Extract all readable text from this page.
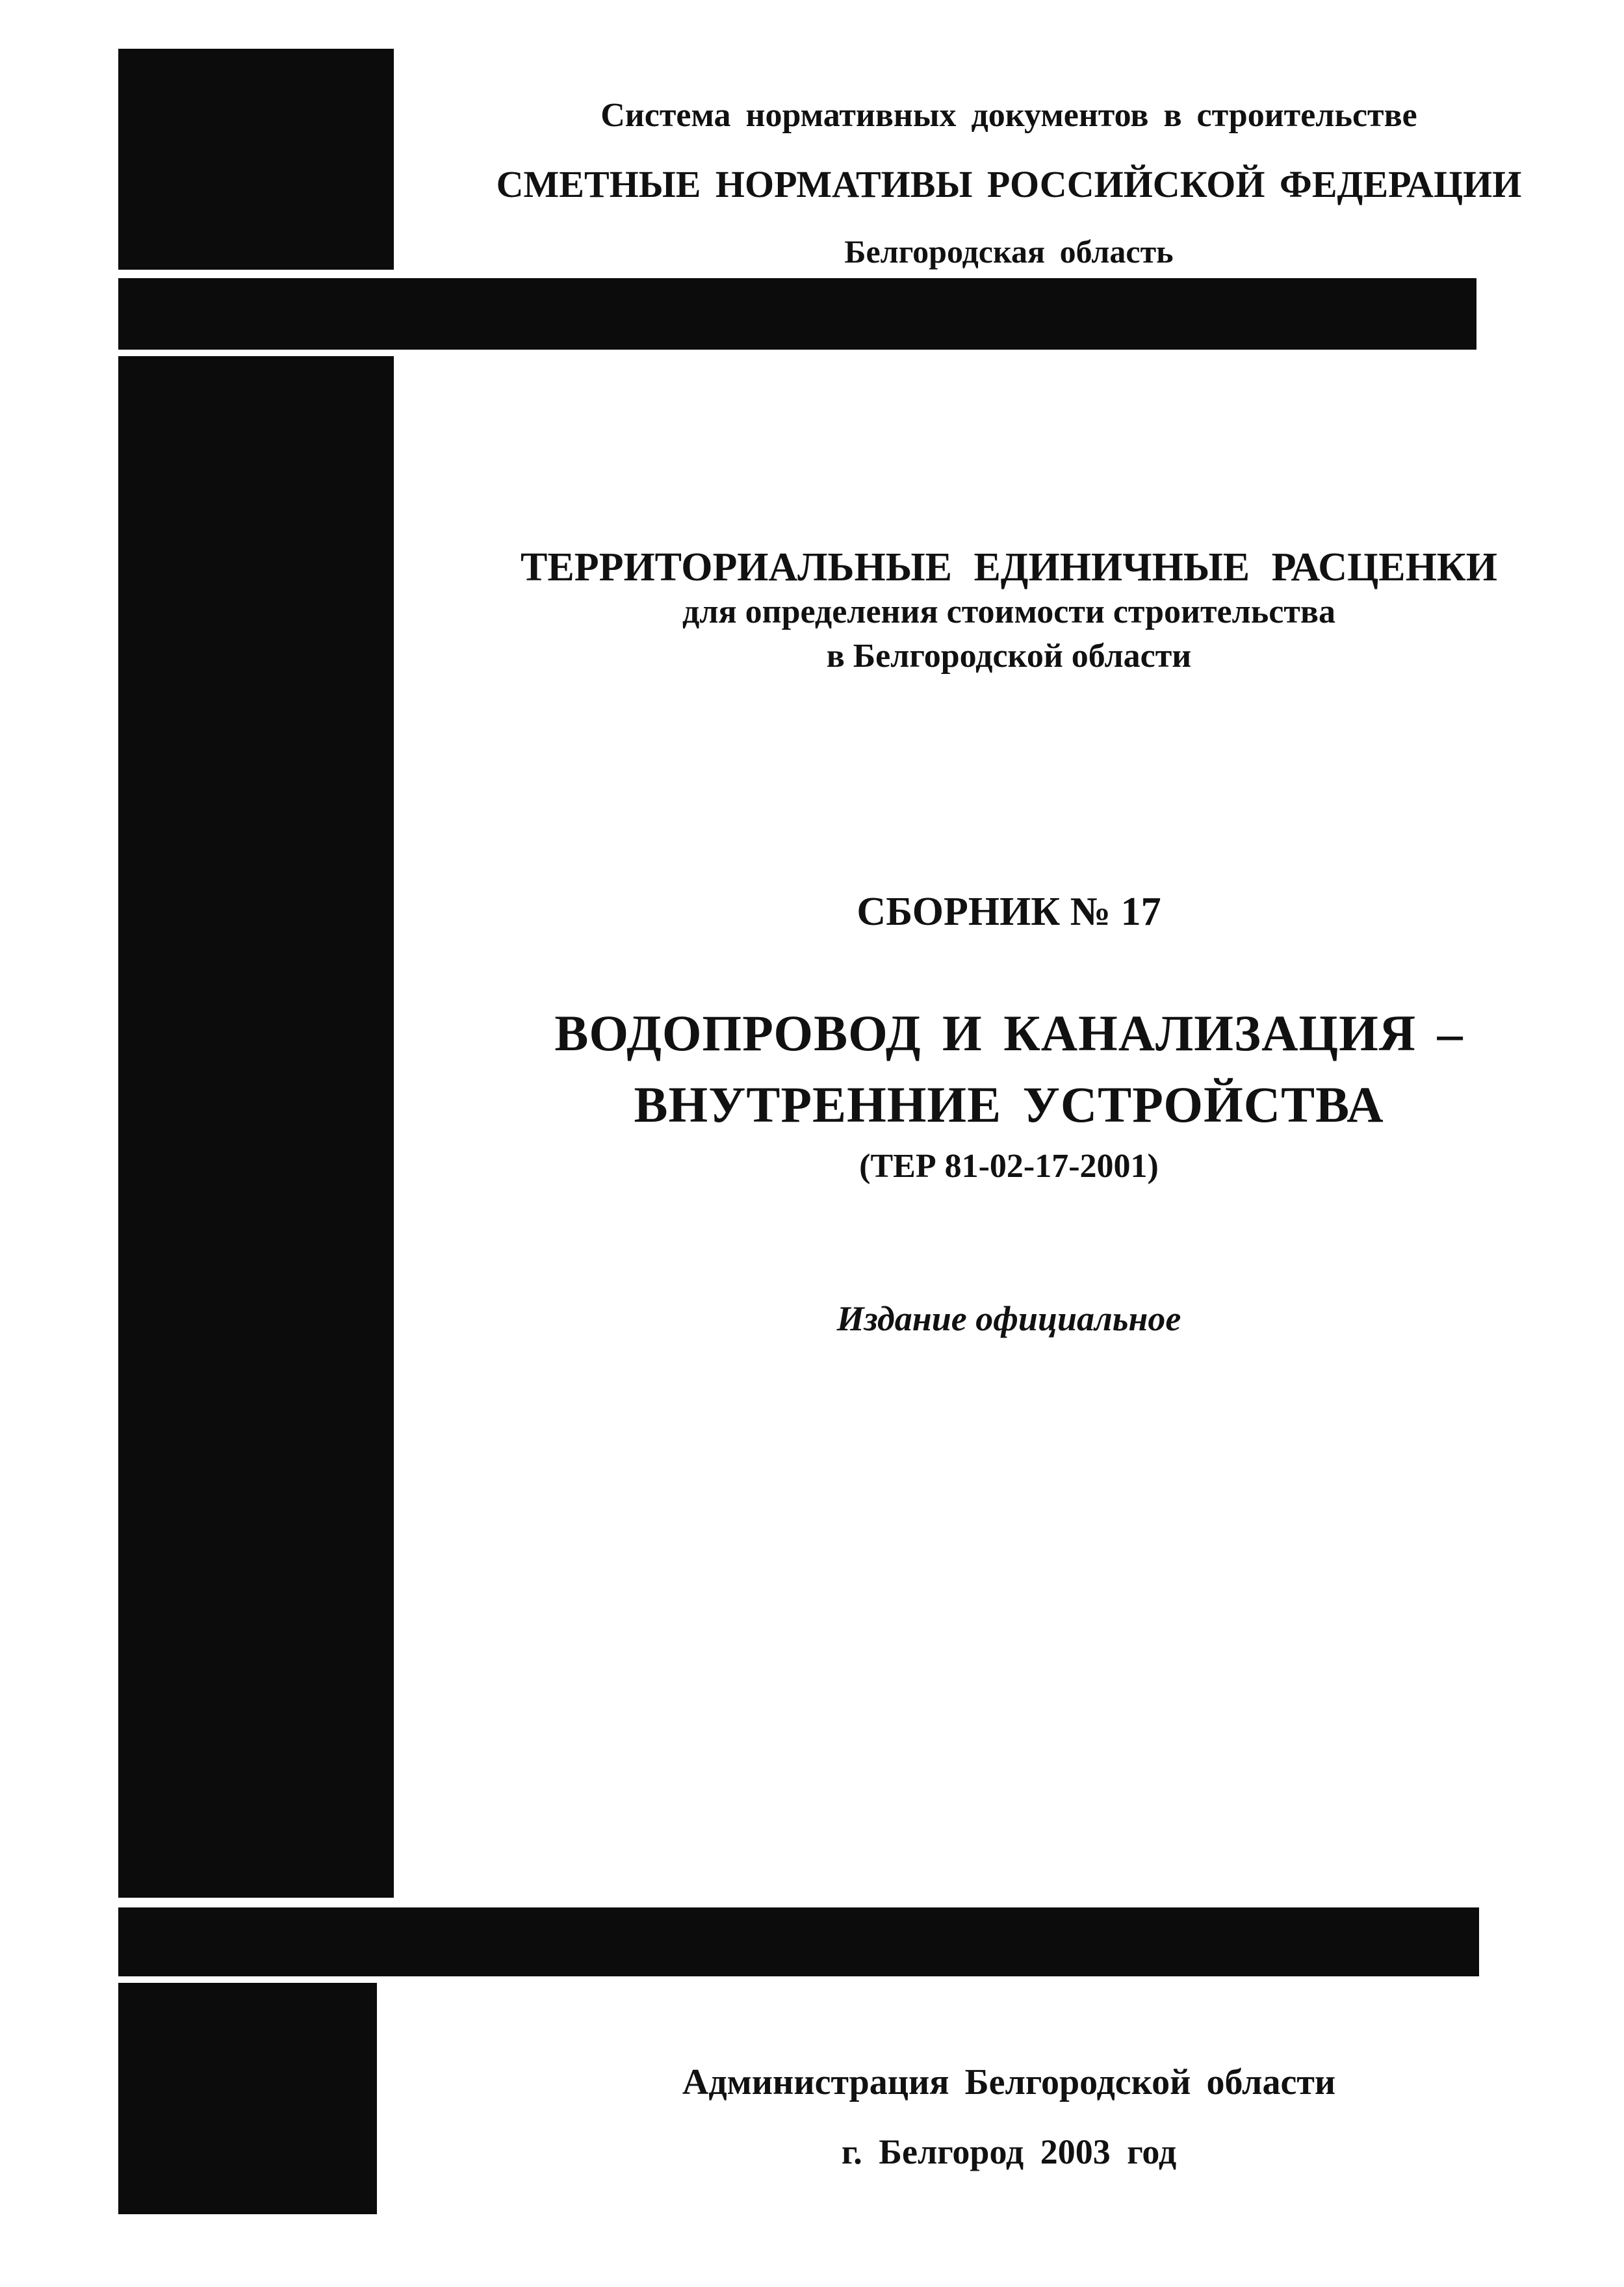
Система нормативных документов в строительстве

СМЕТНЫЕ НОРМАТИВЫ РОССИЙСКОЙ ФЕДЕРАЦИИ

Белгородская область

ТЕРРИТОРИАЛЬНЫЕ ЕДИНИЧНЫЕ РАСЦЕНКИ

для определения стоимости строительства

в Белгородской области

СБОРНИК № 17

ВОДОПРОВОД И КАНАЛИЗАЦИЯ –

ВНУТРЕННИЕ УСТРОЙСТВА

(ТЕР 81-02-17-2001)

Издание официальное

Администрация Белгородской области

г. Белгород 2003 год
